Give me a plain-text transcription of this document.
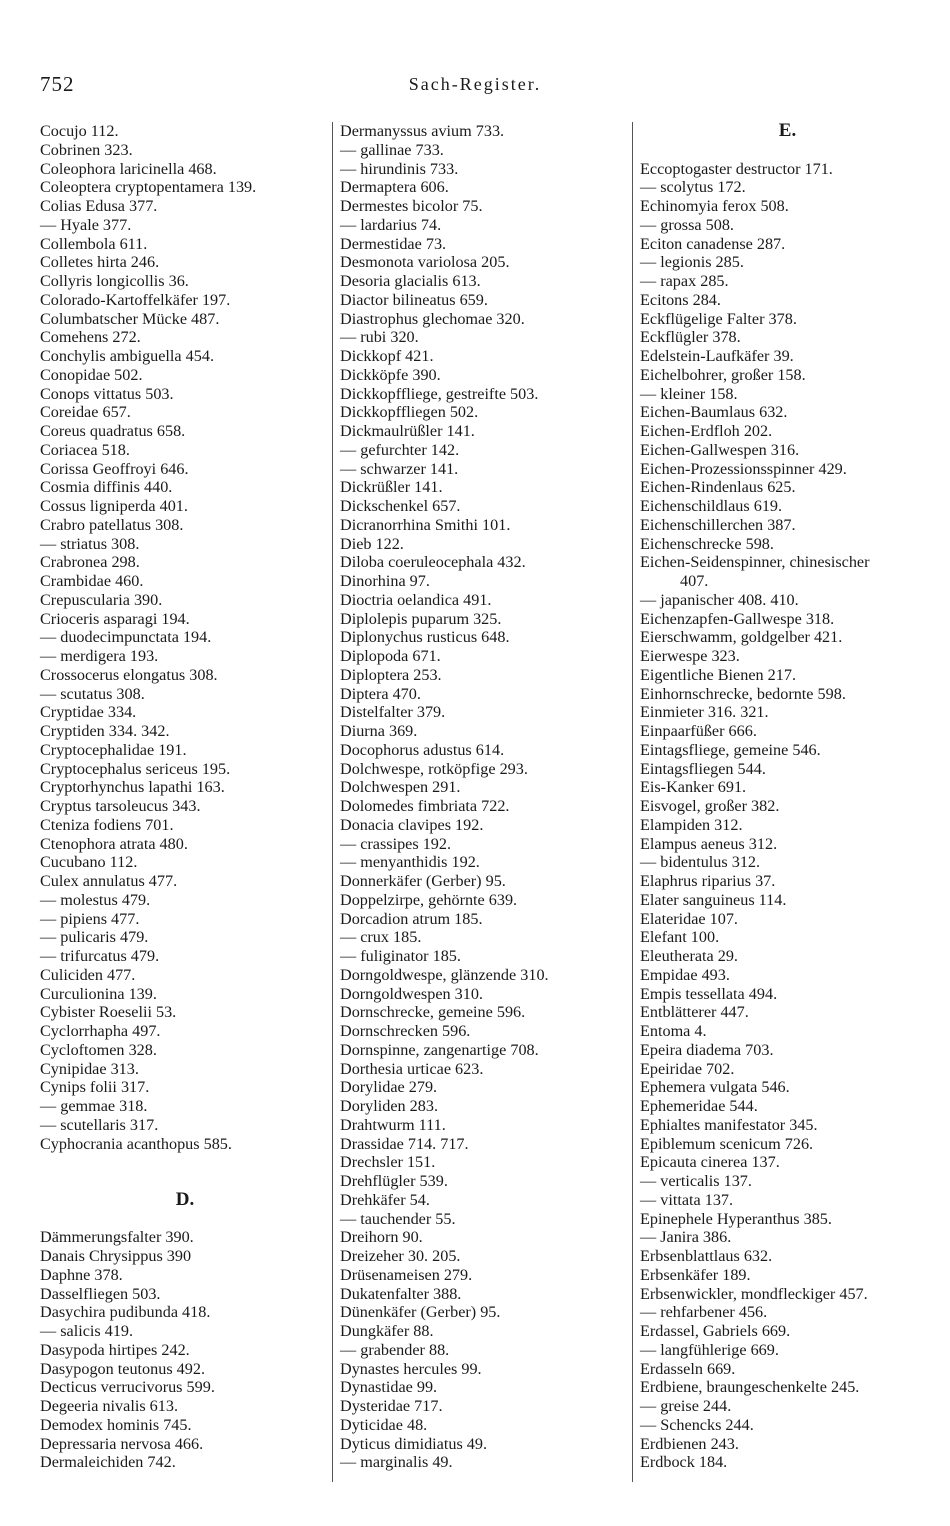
752	Sach-Register.
Cocujo 112.
Cobrinen 323.
Coleophora laricinella 468.
Coleoptera cryptopentamera 139.
Colias Edusa 377.
— Hyale 377.
Collembola 611.
Colletes hirta 246.
Collyris longicollis 36.
Colorado-Kartoffelkäfer 197.
Columbatscher Mücke 487.
Comehens 272.
Conchylis ambiguella 454.
Conopidae 502.
Conops vittatus 503.
Coreidae 657.
Coreus quadratus 658.
Coriacea 518.
Corissa Geoffroyi 646.
Cosmia diffinis 440.
Cossus ligniperda 401.
Crabro patellatus 308.
— striatus 308.
Crabronea 298.
Crambidae 460.
Crepuscularia 390.
Crioceris asparagi 194.
— duodecimpunctata 194.
— merdigera 193.
Crossocerus elongatus 308.
— scutatus 308.
Cryptidae 334.
Cryptiden 334. 342.
Cryptocephalidae 191.
Cryptocephalus sericeus 195.
Cryptorhynchus lapathi 163.
Cryptus tarsoleucus 343.
Cteniza fodiens 701.
Ctenophora atrata 480.
Cucubano 112.
Culex annulatus 477.
— molestus 479.
— pipiens 477.
— pulicaris 479.
— trifurcatus 479.
Culiciden 477.
Curculionina 139.
Cybister Roeselii 53.
Cyclorrhapha 497.
Cycloftomen 328.
Cynipidae 313.
Cynips folii 317.
— gemmae 318.
— scutellaris 317.
Cyphocrania acanthopus 585.
D.
Dämmerungsfalter 390.
Danais Chrysippus 390
Daphne 378.
Dasselfliegen 503.
Dasychira pudibunda 418.
— salicis 419.
Dasypoda hirtipes 242.
Dasypogon teutonus 492.
Decticus verrucivorus 599.
Degeeria nivalis 613.
Demodex hominis 745.
Depressaria nervosa 466.
Dermaleichiden 742.
Dermanyssus avium 733.
— gallinae 733.
— hirundinis 733.
Dermaptera 606.
Dermestes bicolor 75.
— lardarius 74.
Dermestidae 73.
Desmonota variolosa 205.
Desoria glacialis 613.
Diactor bilineatus 659.
Diastrophus glechomae 320.
— rubi 320.
Dickkopf 421.
Dickköpfe 390.
Dickkopffliege, gestreifte 503.
Dickkopffliegen 502.
Dickmaulrüßler 141.
— gefurchter 142.
— schwarzer 141.
Dickrüßler 141.
Dickschenkel 657.
Dicranorrhina Smithi 101.
Dieb 122.
Diloba coeruleocephala 432.
Dinorhina 97.
Dioctria oelandica 491.
Diplolepis puparum 325.
Diplonychus rusticus 648.
Diplopoda 671.
Diploptera 253.
Diptera 470.
Distelfalter 379.
Diurna 369.
Docophorus adustus 614.
Dolchwespe, rotköpfige 293.
Dolchwespen 291.
Dolomedes fimbriata 722.
Donacia clavipes 192.
— crassipes 192.
— menyanthidis 192.
Donnerkäfer (Gerber) 95.
Doppelzirpe, gehörnte 639.
Dorcadion atrum 185.
— crux 185.
— fuliginator 185.
Dorngoldwespe, glänzende 310.
Dorngoldwespen 310.
Dornschrecke, gemeine 596.
Dornschrecken 596.
Dornspinne, zangenartige 708.
Dorthesia urticae 623.
Dorylidae 279.
Doryliden 283.
Drahtwurm 111.
Drassidae 714. 717.
Drechsler 151.
Drehflügler 539.
Drehkäfer 54.
— tauchender 55.
Dreihorn 90.
Dreizeher 30. 205.
Drüsenameisen 279.
Dukatenfalter 388.
Dünenkäfer (Gerber) 95.
Dungkäfer 88.
— grabender 88.
Dynastes hercules 99.
Dynastidae 99.
Dysteridae 717.
Dyticidae 48.
Dyticus dimidiatus 49.
— marginalis 49.
E.
Eccoptogaster destructor 171.
— scolytus 172.
Echinomyia ferox 508.
— grossa 508.
Eciton canadense 287.
— legionis 285.
— rapax 285.
Ecitons 284.
Eckflügelige Falter 378.
Eckflügler 378.
Edelstein-Laufkäfer 39.
Eichelbohrer, großer 158.
— kleiner 158.
Eichen-Baumlaus 632.
Eichen-Erdfloh 202.
Eichen-Gallwespen 316.
Eichen-Prozessionsspinner 429.
Eichen-Rindenlaus 625.
Eichenschildlaus 619.
Eichenschillerchen 387.
Eichenschrecke 598.
Eichen-Seidenspinner, chinesischer
407.
— japanischer 408. 410.
Eichenzapfen-Gallwespe 318.
Eierschwamm, goldgelber 421.
Eierwespe 323.
Eigentliche Bienen 217.
Einhornschrecke, bedornte 598.
Einmieter 316. 321.
Einpaarfüßer 666.
Eintagsfliege, gemeine 546.
Eintagsfliegen 544.
Eis-Kanker 691.
Eisvogel, großer 382.
Elampiden 312.
Elampus aeneus 312.
— bidentulus 312.
Elaphrus riparius 37.
Elater sanguineus 114.
Elateridae 107.
Elefant 100.
Eleutherata 29.
Empidae 493.
Empis tessellata 494.
Entblätterer 447.
Entoma 4.
Epeira diadema 703.
Epeiridae 702.
Ephemera vulgata 546.
Ephemeridae 544.
Ephialtes manifestator 345.
Epiblemum scenicum 726.
Epicauta cinerea 137.
— verticalis 137.
— vittata 137.
Epinephele Hyperanthus 385.
— Janira 386.
Erbsenblattlaus 632.
Erbsenkäfer 189.
Erbsenwickler, mondfleckiger 457.
— rehfarbener 456.
Erdassel, Gabriels 669.
— langfühlerige 669.
Erdasseln 669.
Erdbiene, braungeschenkelte 245.
— greise 244.
— Schencks 244.
Erdbienen 243.
Erdbock 184.
